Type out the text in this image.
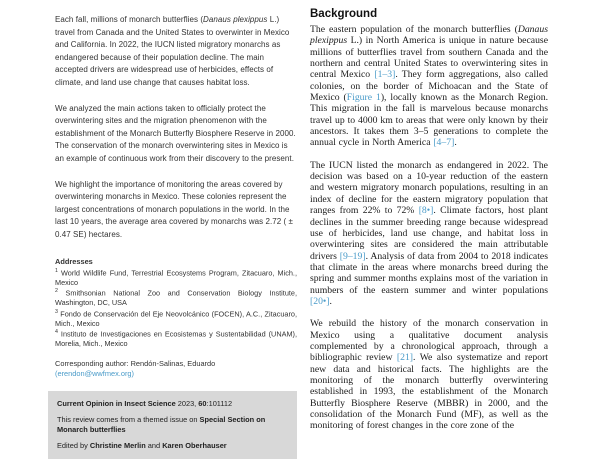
Each fall, millions of monarch butterflies (Danaus plexippus L.) travel from Canada and the United States to overwinter in Mexico and California. In 2022, the IUCN listed migratory monarchs as endangered because of their population decline. The main accepted drivers are widespread use of herbicides, effects of climate, and land use change that causes habitat loss.

We analyzed the main actions taken to officially protect the overwintering sites and the migration phenomenon with the establishment of the Monarch Butterfly Biosphere Reserve in 2000. The conservation of the monarch overwintering sites in Mexico is an example of continuous work from their discovery to the present.

We highlight the importance of monitoring the areas covered by overwintering monarchs in Mexico. These colonies represent the largest concentrations of monarch populations in the world. In the last 10 years, the average area covered by monarchs was 2.72 ( ± 0.47 SE) hectares.

Addresses
$^1$ World Wildlife Fund, Terrestrial Ecosystems Program, Zitacuaro, Mich., Mexico
$^2$ Smithsonian National Zoo and Conservation Biology Institute, Washington, DC, USA
$^3$ Fondo de Conservación del Eje Neovolcánico (FOCEN), A.C., Zitacuaro, Mich., Mexico
$^4$ Instituto de Investigaciones en Ecosistemas y Sustentabilidad (UNAM), Morelia, Mich., Mexico
Corresponding author: Rendón-Salinas, Eduardo
(erendon@wwfmex.org)
Current Opinion in Insect Science 2023, 60:101112
This review comes from a themed issue on Special Section on Monarch butterflies
Edited by Christine Merlin and Karen Oberhauser
Background

The eastern population of the monarch butterflies (Danaus plexippus L.) in North America is unique in nature because millions of butterflies travel from southern Canada and the northern and central United States to overwintering sites in central Mexico [1–3]. They form aggregations, also called colonies, on the border of Michoacan and the State of Mexico (Figure 1), locally known as the Monarch Region. This migration in the fall is marvelous because monarchs travel up to 4000 km to areas that were only known by their ancestors. It takes them 3–5 generations to complete the annual cycle in North America [4–7].

The IUCN listed the monarch as endangered in 2022. The decision was based on a 10-year reduction of the eastern and western migratory monarch populations, resulting in an index of decline for the eastern migratory population that ranges from 22% to 72% [8•]. Climate factors, host plant declines in the summer breeding range because widespread use of herbicides, land use change, and habitat loss in overwintering sites are considered the main attributable drivers [9–19]. Analysis of data from 2004 to 2018 indicates that climate in the areas where monarchs breed during the spring and summer months explains most of the variation in numbers of the eastern summer and winter populations [20•].

We rebuild the history of the monarch conservation in Mexico using a qualitative document analysis complemented by a chronological approach, through a bibliographic review [21]. We also systematize and report new data and historical facts. The highlights are the monitoring of the monarch butterfly overwintering established in 1993, the establishment of the Monarch Butterfly Biosphere Reserve (MBBR) in 2000, and the consolidation of the Monarch Fund (MF), as well as the monitoring of forest changes in the core zone of the
